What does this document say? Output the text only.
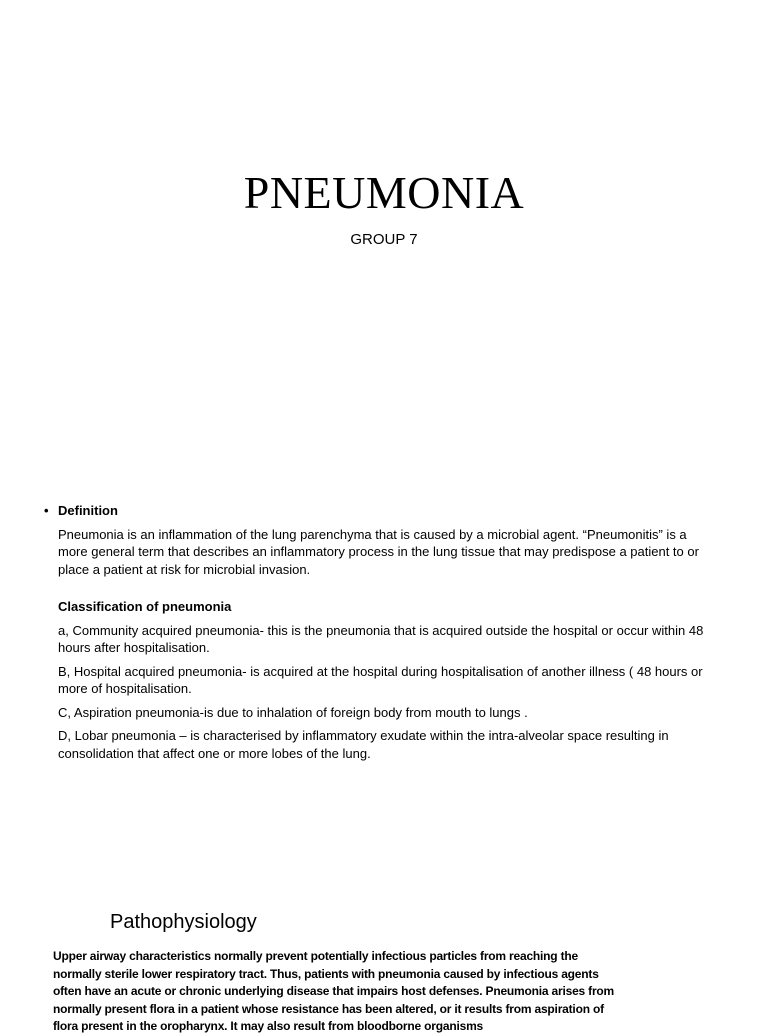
PNEUMONIA
GROUP 7
• Definition

Pneumonia is an inflammation of the lung parenchyma that is caused by a microbial agent. “Pneumonitis” is a more general term that describes an inflammatory process in the lung tissue that may predispose a patient to or place a patient at risk for microbial invasion.

Classification of pneumonia

a, Community acquired pneumonia- this is the pneumonia that is acquired outside the hospital or occur within 48 hours after hospitalisation.

B, Hospital acquired pneumonia- is acquired at the hospital during hospitalisation of another illness ( 48 hours or more of hospitalisation.

C, Aspiration pneumonia-is due to inhalation of foreign body from mouth to lungs .

D, Lobar pneumonia – is characterised by inflammatory exudate within the intra-alveolar space resulting in consolidation that affect one or more lobes of the lung.

Pathophysiology
Upper airway characteristics normally prevent potentially infectious particles from reaching the normally sterile lower respiratory tract. Thus, patients with pneumonia caused by infectious agents often have an acute or chronic underlying disease that impairs host defenses. Pneumonia arises from normally present flora in a patient whose resistance has been altered, or it results from aspiration of flora present in the oropharynx. It may also result from bloodborne organisms
